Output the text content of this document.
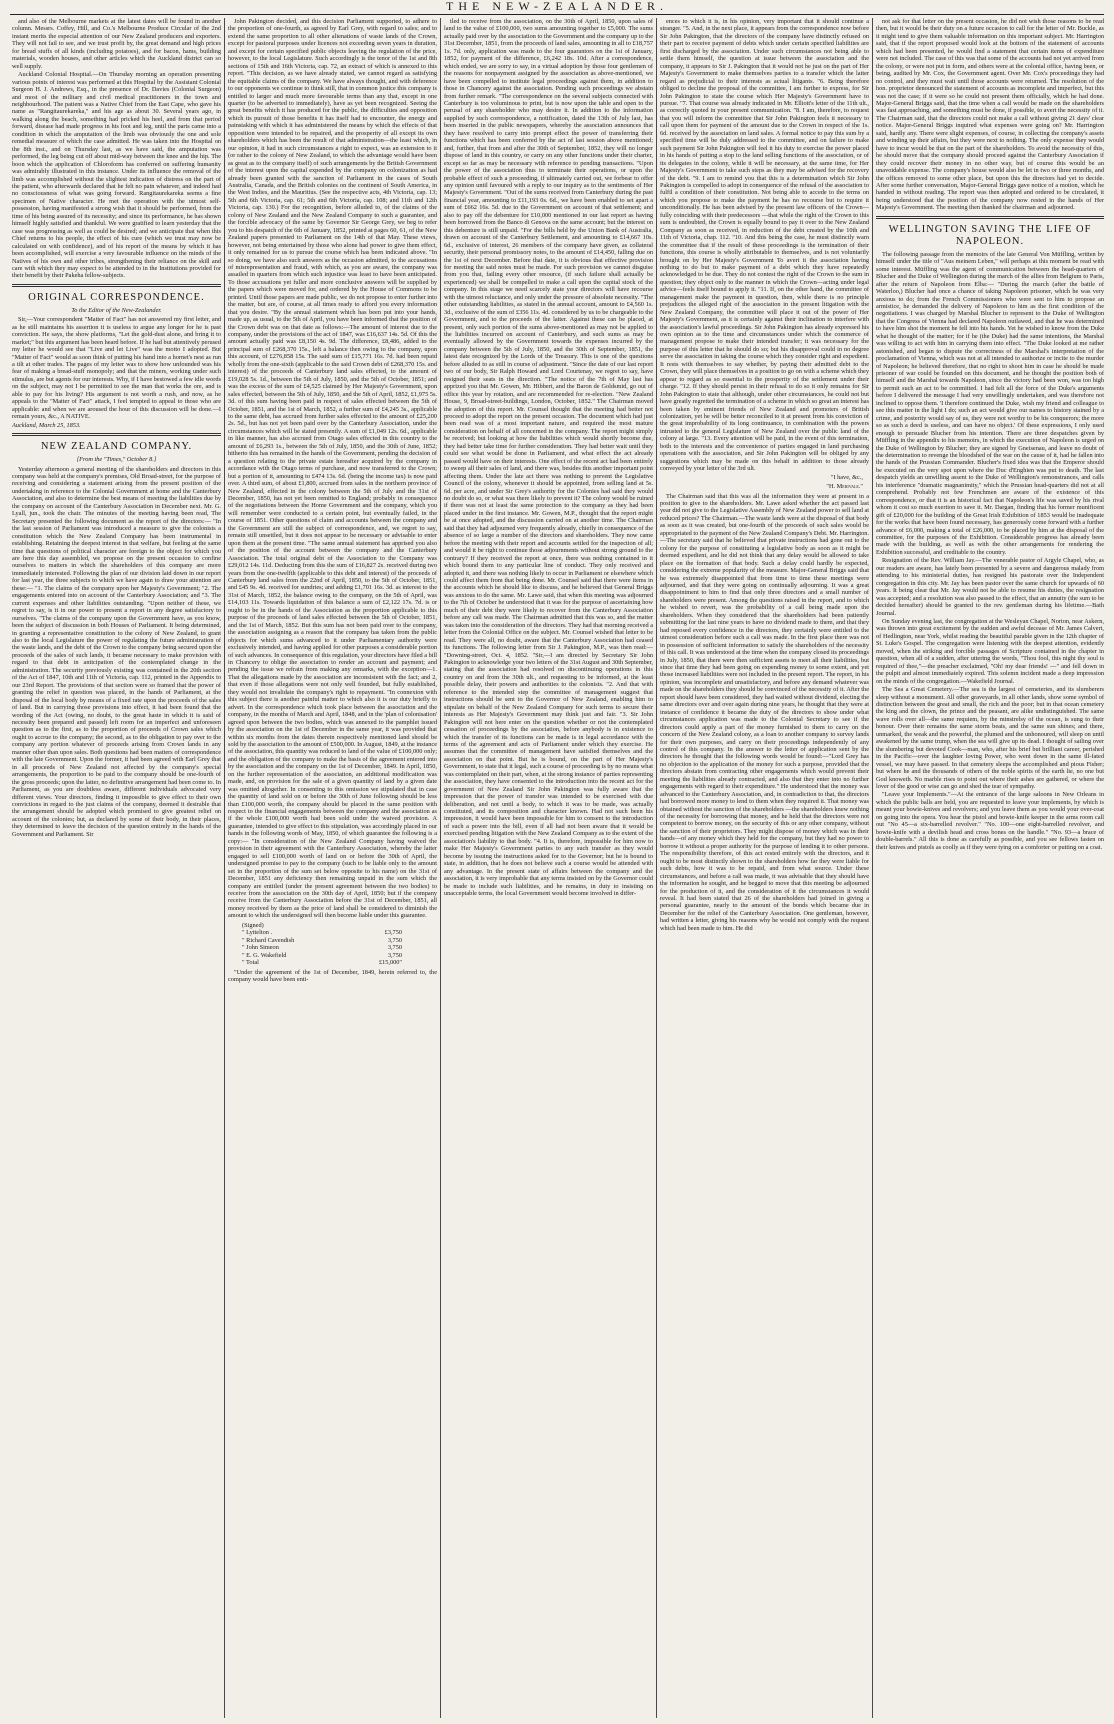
THE NEW-ZEALANDER.

and also of the Melbourne markets at the latest dates will be found in another column. Messrs. Coffey, Hill, and Co.'s Melbourne Produce Circular of the 2nd instant merits the especial attention of our New Zealand producers and exporters. They will not fail to see, and we trust profit by, the great demand and high prices for bread stuffs of all kinds (including potatoes), and for bacon, hams, building materials, wooden houses, and other articles which the Auckland district can so well supply.

Auckland Colonial Hospital.—On Thursday morning an operation presenting various points of interest was performed at this Hospital by the Assistant Colonial Surgeon H. J. Andrews, Esq., in the presence of Dr. Davies (Colonial Surgeon) and most of the military and civil medical practitioners in the town and neighbourhood. The patient was a Native Chief from the East Cape, who gave his name as "Rangitaurekareka," and his age as about 30. Several years ago, in walking along the beach, something had pricked his heel, and from that period forward, disease had made progress in his foot and leg, until the parts came into a condition in which the amputation of the limb was obviously the one and sole remedial measure of which the case admitted. He was taken into the Hospital on the 8th inst., and on Thursday last, as we have said, the amputation was performed, the leg being cut off about mid-way between the knee and the hip. The boon which the application of Chloroform has conferred on suffering humanity was admirably illustrated in this instance. Under its influence the removal of the limb was accomplished without the slightest indication of distress on the part of the patient, who afterwards declared that he felt no pain whatever, and indeed had no consciousness of what was going forward. Rangitaurekareka seems a fine specimen of Native character. He met the operation with the utmost self-possession, having manifested a strong wish that it should be performed, from the time of his being assured of its necessity; and since its performance, he has shown himself highly satisfied and thankful. We were gratified to learn yesterday that the case was progressing as well as could be desired; and we anticipate that when this Chief returns to his people, the effect of his cure (which we trust may now be calculated on with confidence), and of his report of the means by which it has been accomplished, will exercise a very favourable influence on the minds of the Natives of his own and other tribes, strengthening their reliance on the skill and care with which they may expect to be attended to in the Institutions provided for their benefit by their Pakeha fellow-subjects.

ORIGINAL CORRESPONDENCE.
To the Editor of the New-Zealander.

Sir,—Your correspondent "Matter of Fact" has not answered my first letter, and as he still maintains his assertion it is useless to argue any longer for he is past conviction. He says, the show platforms, "Let the gold-dust alone, and bring it to market;" but this argument has been heard before. If he had but attentively perused my letter he would see that "Live and let Live" was the motto I adopted. But "Matter of Fact" would as soon think of putting his hand into a hornet's nest as run a tilt at other trades. The pages of my letter was to show how unfounded was his fear of making a bread-stuff monopoly; and that the miners, working under such stimulus, are but agents for our interests. Why, if I have bestowed a few idle words on the subject, may not I be permitted to see the man that works the ore, and is able to pay for his living? His argument is not worth a rush, and now, as he appeals to the "Matter of Fact" attack, I feel tempted to appeal to those who are applicable: and when we are aroused the hour of this discussion will be done.—I remain yours, &c., A NATIVE.

Auckland, March 25, 1853.
NEW ZEALAND COMPANY.
[From the "Times," October 8.]

Yesterday afternoon a general meeting of the shareholders and directors in this company was held at the company's premises, Old Broad-street, for the purpose of receiving and considering a statement arising from the present position of the undertaking in reference to the Colonial Government at home and the Canterbury Association, and also to determine the best means of meeting the liabilities due by the company on account of the Canterbury Association in December next. Mr. G. Lyall, jun., took the chair. The minutes of the meeting having been read, The Secretary presented the following document as the report of the directors:— "In the last session of Parliament was introduced a measure to give the colonists a constitution which the New Zealand Company has been instrumental in establishing. Retaining the deepest interest in that welfare, but feeling at the same time that questions of political character are foreign to the object for which you are here this day assembled, we propose on the present occasion to confine ourselves to matters in which the shareholders of this company are more immediately interested. Following the plan of our division laid down in our report for last year, the three subjects to which we have again to draw your attention are these:— "1. The claims of the company upon her Majesty's Government; "2. The engagements entered into on account of the Canterbury Association; and "3. The current expenses and other liabilities outstanding. "Upon neither of these, we regret to say, is it in our power to present a report in any degree satisfactory to ourselves. "The claims of the company upon the Government have, as you know, been the subject of discussion in both Houses of Parliament. It being determined, in granting a representative constitution to the colony of New Zealand, to grant also to the local Legislature the power of regulating the future administration of the waste lands, and the debt of the Crown to the company being secured upon the proceeds of the sales of such lands, it became necessary to make provision with regard to that debt in anticipation of the contemplated change in the administration. The security previously existing was contained in the 20th section of the Act of 1847, 10th and 11th of Victoria, cap. 112, printed in the Appendix to our 23rd Report. The provisions of that section were so framed that the power of granting the relief in question was placed, in the hands of Parliament, at the disposal of the local body by means of a fixed rate upon the proceeds of the sales of land. But in carrying those provisions into effect, it had been found that the wording of the Act (owing, no doubt, to the great haste in which it is said of necessity been prepared and passed) left room for an imperfect and unforeseen question as to the first, as to the proportion of proceeds of Crown sales which ought to accrue to the company; the second, as to the obligation to pay over to the company any portion whatever of proceeds arising from Crown lands in any manner other than upon sales. Both questions had been matters of correspondence with the late Government. Upon the former, it had been agreed with Earl Grey that in all proceeds of New Zealand not affected by the company's special arrangements, the proportion to be paid to the company should be one-fourth of the gross proceeds; upon the latter, no definitive arrangement had been come to. In Parliament, as you are doubtless aware, different individuals advocated very different views. Your directors, finding it impossible to give effect to their own convictions in regard to the just claims of the company, deemed it desirable that the arrangement should be adopted which promised to give greatest relief on account of the colonies; but, as declared by some of their body, in their places, they determined to leave the decision of the question entirely in the hands of the Government and Parliament. Sir

John Pakington decided, and this decision Parliament supported, to adhere to the proportion of one-fourth, as agreed by Earl Grey, with regard to sales; and to extend the same proportion to all other alienations of waste lands of the Crown, except for pastoral purposes under licences not exceeding seven years in duration, and except for certain specified public objects leaving the regulation of the price, however, to the local Legislature. Such accordingly is the tenor of the 1st and 8th sections of 15th and 16th Victoria, cap. 72, an extract of which is annexed to this report. "This decision, as we have already stated, we cannot regard as satisfying the equitable claims of the company. We have always thought, and with deference to our opponents we continue to think still, that in common justice this company is entitled to larger and much more favourable terms than any that, except in one quarter (to be adverted to immediately), have as yet been recognized. Seeing the great benefits which it has produced for the public, the difficulties and opposition which its pursuit of those benefits it has itself had to encounter, the energy and painstaking with which it has administered the means by which the effects of that opposition were intended to be repaired, and the prosperity of all except its own shareholders which has been the result of that administration—the least which, in our opinion, it had in such circumstances a right to expect, was an extension to it (or rather to the colony of New Zealand, to which the advantage would have been as great as to the company itself) of such arrangements by the British Government of the interest upon the capital expended by the company on colonization as had already been granted with the sanction of Parliament in the cases of South Australia, Canada, and the British colonies on the continent of South America, in the West Indies, and the Mauritius. (See the respective acts, 4th Victoria, cap. 13; 5th and 6th Victoria, cap. 61; 5th and 6th Victoria, cap. 108; and 11th and 12th Victoria, cap. 130.) For the recognition, before alluded to, of the claims of the colony of New Zealand and the New Zealand Company to such a guarantee, and the forcible advocacy of the same by Governor Sir George Grey, we beg to refer you to his despatch of the 6th of January, 1852, printed at pages 60, 61, of the New Zealand papers presented to Parliament on the 14th of that May. These views, however, not being entertained by those who alone had power to give them effect, it only remained for us to pursue the course which has been indicated above. "In so doing, we have also such answers as the occasion admitted, to the accusations of misrepresentation and fraud, with which, as you are aware, the company was assailed in quarters from which such injustice was least to have been anticipated. To those accusations yet fuller and more conclusive answers will be supplied by the papers which were moved for, and ordered by the House of Commons to be printed. Until those papers are made public, we do not propose to enter further into the matter, but are, of course, at all times ready to afford you every information that you desire. "By the annual statement which has been put into your hands, made up, as usual, to the 5th of April, you have been informed that the position of the Crown debt was on that date as follows:—The amount of interest due to the company, under the provisions of the act of 1847, was £16,637 14s. 5d. Of this the amount actually paid was £8,150 4s. 9d. The difference, £8,486, added to the principal sum of £268,370 15s., left a balance then owing to the company, upon this account, of £276,858 15s. The said sum of £15,771 16s. 7d. had been repaid wholly from the one-sixth (applicable to the said Crown debt of £268,370 15s. and interest) of the proceeds of Canterbury land sales effected, to the amount of £19,028 5s. 1d., between the 5th of July, 1850, and the 5th of October, 1851; and was the excess of the sum of £4,525 claimed by Her Majesty's Government, upon sales effected, between the 5th of July, 1850, and the 5th of April, 1852, £1,975 5s. 3d. of this sum having been paid in respect of sales effected between the 5th of October, 1851, and the 1st of March, 1852, a further sum of £4,245 3s., applicable to the same debt, has accrued from further sales effected to the amount of £25,200 2s. 5d., but has not yet been paid over by the Canterbury Association, under the circumstances which will be stated presently. A sum of £1,049 12s. 6d., applicable in like manner, has also accrued from Otago sales effected in this country to the amount of £6,293 1s., between the 5th of July, 1850, and the 30th of June, 1852; hitherto this has remained in the hands of the Government, pending the decision of a question relating to the private estate hereafter acquired by the company in accordance with the Otago terms of purchase, and now transferred to the Crown; but a portion of it, amounting to £474 13s. 6d. (being the income tax) is now paid over. A third sum, of about £1,800, accrued from sales in the northern province of New Zealand, effected in the colony between the 5th of July and the 31st of December, 1850, has not yet been remitted to England; probably in consequence of the negotiations between the Home Government and the company, which you will remember were conducted to a certain point, but eventually failed, in the course of 1851. Other questions of claim and accounts between the company and the Government are still the subject of correspondence, and, we regret to say, remain still unsettled, but it does not appear to be necessary or advisable to enter upon them at the present time. "The same annual statement has apprised you also of the position of the account between the company and the Canterbury Association. The total original debt of the Association to the Company was £29,012 14s. 11d. Deducting from this the sum of £16,827 2s. received during two years from the one-twelfth (applicable to this debt and interest) of the proceeds of Canterbury land sales from the 22nd of April, 1850, to the 5th of October, 1851, and £45 9s. 4d. received for sundries; and adding £1,701 16s. 3d. as interest to the 31st of March, 1852, the balance owing to the company, on the 5th of April, was £14,103 11s. Towards liquidation of this balance a sum of £2,122 17s. 7d. is or ought to be in the hands of the Association as the proportion applicable to this purpose of the proceeds of land sales effected between the 5th of October, 1851, and the 1st of March, 1852. But this sum has not been paid over to the company, the association assigning as a reason that the company has taken from the public objects for which sums advanced to it under Parliamentary authority were exclusively intended, and having applied for other purposes a considerable portion of such advances. In consequence of this regulation, your directors have filed a bill in Chancery to oblige the association to render an account and payment; and pending the issue we refrain from making any remarks, with the exception—1. That the allegations made by the association are inconsistent with the fact; and 2, that even if those allegations were not only well founded, but fully established, they would not invalidate the company's right to repayment. "In connexion with this subject there is another painful matter to which also it is our duty briefly to advert. In the correspondence which took place between the association and the company, in the months of March and April, 1848, and in the 'plan of colonisation' agreed upon between the two bodies, which was annexed to the pamphlet issued by the association on the 1st of December in the same year, it was provided that within six months from the dates therein respectively mentioned land should be sold by the association to the amount of £500,000. In August, 1849, at the instance of the association, this quantity was reduced to land of the value of £100,000 only; and the obligation of the company to make the basis of the agreement entered into by the association and the company on the 1st of December, 1849. In April, 1850, on the further representation of the association, an additional modification was made, and, on provision for the sale of a given quantity of land by a given date was omitted altogether. In consenting to this omission we stipulated that in case the quantity of land sold on or before the 30th of June following should be less than £100,000 worth, the company should be placed in the same position with respect to the financial engagements between the company and the association as if the whole £100,000 worth had been sold under the waived provision. A guarantee, intended to give effect to this stipulation, was accordingly placed in our hands in the following words of May, 1850, of which guarantee the following is a copy:— "In consideration of the New Zealand Company having waived the provision in their agreement with the Canterbury Association, whereby the latter engaged to sell £100,000 worth of land on or before the 30th of April, the undersigned promise to pay to the company (such to be liable only to the amount set in the proportion of the sum set below opposite to his name) on the 31st of December, 1851 any deficiency then remaining unpaid in the sum which the company are entitled (under the present agreement between the two bodies) to receive from the association on the 30th day of April, 1850; but if the company receive from the Canterbury Association before the 31st of December, 1851, all money received by them as the price of land shall be considered to diminish the amount to which the undersigned will then become liable under this guarantee.

(Signed)
" Lyttelton .	£3,750
" Richard Cavendish	3,750
" John Simeon	3,750
" E. G. Wakefield	3,750
" Total	£15,000"

"Under the agreement of the 1st of December, 1849, herein referred to, the company would have been enti-

tled to receive from the association, on the 30th of April, 1850, upon sales of land to the value of £100,000, two sums amounting together to £5,000. The sums actually paid over by the association to the Government and the company up to the 31st December, 1851, from the proceeds of land sales, amounting in all to £18,757 1s. 7d. only, application was made to the four guarantors on the 1st of January, 1852, for payment of the difference, £6,242 18s. 10d. After a correspondence, which ended, we are sorry to say, in a virtual adoption by those four gentlemen of the reasons for nonpayment assigned by the association as above-mentioned, we have been compelled to institute legal proceedings against them, in addition to those in Chancery against the association. Pending such proceedings we abstain from further remark. "The correspondence on the several subjects connected with Canterbury is too voluminous to print, but is now upon the table and open to the perusal of any shareholder who may desire it. In addition to the information supplied by such correspondence, a notification, dated the 13th of July last, has been inserted in the public newspapers, whereby the association announces that they have resolved to carry into prompt effect the power of transferring their functions which has been conferred by the act of last session above mentioned; and, further, that from and after the 30th of September, 1852, they will no longer dispose of land in this country, or carry on any other functions under their charter, except so far as may be necessary with reference to pending transactions. "Upon the power of the association thus to terminate their operations, or upon the probable effect of such a proceeding, if ultimately carried out, we forbear to offer any opinion until favoured with a reply to our inquiry as to the sentiments of Her Majesty's Government. "Out of the sums received from Canterbury during the past financial year, amounting to £11,193 0s. 6d., we have been enabled to set apart a sum of £662 16s. 5d. due to the Government on account of that settlement; and also to pay off the debenture for £10,000 mentioned in our last report as having been borrowed from the Banco di Genova on the same account; but the interest on this debenture is still unpaid. "For the bills held by the Union Bank of Australia, drawn on account of the Canterbury Settlement, and amounting to £14,667 10s. 6d., exclusive of interest, 26 members of the company have given, as collateral security, their personal promissory notes, to the amount of £14,450, falling due on the 1st of next December. Before that date, it is obvious that effective provision for meeting the said notes must be made. For such provision we cannot disguise from you that, failing every other resource, (if such failure shall actually be experienced) we shall be compelled to make a call upon the capital stock of the company. In this stage we need scarcely state your directors will have recourse with the utmost reluctance, and only under the pressure of absolute necessity. "The other outstanding liabilities, as stated in the annual account, amount to £4,560 1s. 3d., exclusive of the sum of £356 11s. 4d. considered by us to be chargeable to the Government, and to the proceeds of the latter. Against these can be placed, at present, only such portion of the sums above-mentioned as may not be applied to the liabilities incurred on account of Canterbury, and such sums as may be eventually allowed by the Government towards the expenses incurred by the company between the 5th of July, 1850, and the 30th of September, 1851, the latest date recognized by the Lords of the Treasury. This is one of the questions before alluded to as still in course of adjustment. "Since the date of our last report two of our body, Sir Ralph Howard and Lord Courtenay, we regret to say, have resigned their seats in the direction. "The notice of the 7th of May last has apprized you that Mr. Gowen, Mr. Hibbert, and the Baron de Goldsmid, go out of office this year by rotation, and are recommended for re-election. "New Zealand House, 9, Broad-street-buildings, London, October, 1852." The Chairman moved the adoption of this report. Mr. Counsel thought that the meeting had better not proceed to adopt the report on the present occasion. The document which had just been read was of a most important nature, and required the most mature consideration on behalf of all concerned in the company. The report might simply be received; but looking at how the liabilities which would shortly become due, they had better take time for further consideration. They had better wait until they could see what would be done in Parliament, and what effect the act already passed would have on their interests. One effect of the recent act had been entirely to sweep all their sales of land, and there was, besides this another important point affecting them. Under the late act there was nothing to prevent the Legislative Council of the colony, whenever it should be appointed, from selling land at 5s. 6d. per acre, and under Sir Grey's authority for the Colonies had said they would no doubt do so, or what was there likely to prevent it? The colony would be ruined if there was not at least the same protection to the company as they had been placed under in the first instance. Mr. Gowen, M.P., thought that the report might be at once adopted, and the discussion carried on at another time. The Chairman said that they had adjourned very frequently already, chiefly in consequence of the absence of so large a number of the directors and shareholders. They now came before the meeting with their report and accounts settled for the inspection of all; and would it be right to continue those adjournments without strong ground to the contrary? If they received the report at once, there was nothing contained in it which bound them to any particular line of conduct. They only received and adopted it, and there was nothing likely to occur in Parliament or elsewhere which could affect them from that being done. Mr. Counsel said that there were items in the accounts which he should like to discuss, and he believed that General Briggs was anxious to do the same. Mr. Lawe said, that when this meeting was adjourned to the 7th of October he understood that it was for the purpose of ascertaining how much of their debt they were likely to recover from the Canterbury Association before any call was made. The Chairman admitted that this was so, and the matter was taken into the consideration of the directors. They had that morning received a letter from the Colonial Office on the subject. Mr. Counsel wished that letter to be read. They were all, no doubt, aware that the Canterbury Association had ceased its functions. The following letter from Sir J. Pakington, M.P., was then read:— "Downing-street, Oct. 4, 1852. "Sir,—I am directed by Secretary Sir John Pakington to acknowledge your two letters of the 31st August and 30th September, stating that the association had resolved on discontinuing operations in this country on and from the 30th ult., and requesting to be informed, at the least possible delay, their powers and authorities to the colonists. "2. And that with reference to the intended step the committee of management suggest that instructions should be sent to the Governor of New Zealand, enabling him to stipulate on behalf of the New Zealand Company for such terms to secure their interests as Her Majesty's Government may think just and fair. "3. Sir John Pakington will not here enter on the question whether or not the contemplated cessation of proceedings by the association, before anybody is in existence to which the transfer of its functions can be made is in legal accordance with the terms of the agreement and acts of Parliament under which they exercise. He assumes that the committee of management have satisfied themselves and the association on that point. But he is bound, on the part of Her Majesty's Government, to state that it legal, such a course of proceeding is by no means what was contemplated on their part, when, at the strong instance of parties representing the association, they have consented to the introduction into the recent act for the government of New Zealand Sir John Pakington was fully aware that the impression that the power of transfer was intended to be exercised with due deliberation, and not until a body, to which it was to be made, was actually constituted, and its composition and character known. Had not such been his impression, it would have been impossible for him to consent to the introduction of such a power into the bill, even if all had not been aware that it would be exercised pending litigation with the New Zealand Company as to the extent of the association's liability to that body. "4. It is, therefore, impossible for him now to make Her Majesty's Government parties to any such transfer as they would become by issuing the instructions asked for to the Governor; but he is bound to state, in addition, that he does not believe such a course would be attended with any advantage. In the present state of affairs between the company and the association, it is very improbable that any terms insisted on by the Governor could be made to include such liabilities, and he remains, in duty to insisting on unacceptable terms, the local Government would become involved in differ-

ences to which it is, in his opinion, very important that it should continue a stranger. "5. And, in the next place, it appears from the correspondence now before Sir John Pakington, that the directors of the company have distinctly refused on their part to receive payment of debts which under certain specified liabilities are first discharged by the association. Under such circumstances not being able to settle them himself, the question at issue between the association and the company, it appears to Sir J. Pakington that it would not be just on the part of Her Majesty's Government to make themselves parties to a transfer which the latter regard as prejudicial to their interests as actual litigants. "6. Being therefore obliged to decline the proposal of the committee, I am further to express, for Sir John Pakington to state the course which Her Majesty's Government have to pursue. "7. That course was already indicated in Mr. Elliott's letter of the 11th ult., as correctly quoted in your present communication. "8. I am, therefore, to request that you will inform the committee that Sir John Pakington feels it necessary to call upon them for payment of the amount due to the Crown in respect of the 1s. 6d. received by the association on land sales. A formal notice to pay this sum by a specified time will be duly addressed to the committee, and on failure to make such payment Sir John Pakington will feel it his duty to exercise the power placed in his hands of putting a stop to the land selling functions of the association, or of its delegates in the colony, while it will be necessary, at the same time, for Her Majesty's Government to take such steps as they may be advised for the recovery of the debt. "9. I am to remind you that this is a determination which Sir John Pakington is compelled to adopt in consequence of the refusal of the association to fulfil a condition of their constitution. Not being able to accede to the terms on which you propose to make the payment he has no recourse but to require it unconditionally. He has been advised by the present law officers of the Crown—fully coinciding with their predecessors —that while the right of the Crown to this sum is undoubted, the Crown is equally bound to pay it over to the New Zealand Company as soon as received, in reduction of the debt created by the 10th and 11th of Victoria, chap. 112. "10. And this being the case, he must distinctly warn the committee that if the result of these proceedings is the termination of their functions, this course is wholly attributable to themselves, and is not voluntarily brought on by Her Majesty's Government To avert it the association having nothing to do but to make payment of a debt which they have repeatedly acknowledged to be due. They do not contest the right of the Crown to the sum in question; they object only to the manner in which the Crown—acting under legal advice—feels itself bound to apply it. "11. If, on the other hand, the committee of management make the payment in question, then, while there is no principle prejudices the alleged right of the association in the present litigation with the New Zealand Company, the committee will place it out of the power of Her Majesty's Government, as it is certainly against their inclination to interfere with the association's lawful proceedings. Sir John Pakington has already expressed his own opinion as to the time and circumstances under which the commerce of management propose to make their intended transfer; it was necessary for the purpose of this letter that he should do so; but his disapproval could in no degree serve the association in taking the course which they consider right and expedient. It rests with themselves to say whether, by paying their admitted debt to the Crown, they will place themselves in a position to go on with a scheme which they appear to regard as so essential to the prosperity of the settlement under their charge. "12. If they should persist in their refusal to do so it only remains for Sir John Pakington to state that although, under other circumstances, he could not but have greatly regretted the termination of a scheme in which so great an interest has been taken by eminent friends of New Zealand and promoters of British colonization, yet he will be better reconciled to it at present from his conviction of the great improbability of its long continuance, in combination with the powers intrusted to the general Legislature of New Zealand over the public land of the colony at large. "13. Every attention will be paid, in the event of this termination, both to the interests and the convenience of parties engaged in land purchasing operations with the association, and Sir John Pakington will be obliged by any suggestions which may be made on this behalf in addition to those already conveyed by your letter of the 3rd ult.

"I have, &c.,
"H. Merivale."

The Chairman said that this was all the information they were at present in a position to give to the shareholders. Mr. Lawe asked whether the act passed last year did not give to the Legislative Assembly of New Zealand power to sell land at reduced prices? The Chairman.—The waste lands were at the disposal of that body as soon as it was created, but one-fourth of the proceeds of such sales would be appropriated to the payment of the New Zealand Company's Debt. Mr. Harrington.—The secretary said that he believed that private instructions had gone out to the colony for the purpose of constituting a legislative body as soon as it might be deemed expedient, and he did not think that any delay would be allowed to take place on the formation of that body. Such a delay could hardly be expected, considering the extreme popularity of the measure. Major-General Briggs said that he was extremely disappointed that from time to time these meetings were adjourned, and that they were going on continually adjourning. It was a great disappointment to him to find that only three directors and a small number of shareholders were present. Among the questions raised in the report, and to which he wished to revert, was the probability of a call being made upon the shareholders. When they considered that the shareholders had been patiently submitting for the last nine years to have no dividend made to them, and that they had reposed every confidence in the directors, they certainly were entitled to the utmost consideration before such a call was made. In the first place there was not in possession of sufficient information to satisfy the shareholders of the necessity of this call. It was understood at the time when the company closed its proceedings in July, 1850, that there were then sufficient assets to meet all their liabilities, but since that time they had been going on expending money to some extent, and yet those increased liabilities were not included in the present report. The report, in his opinion, was incomplete and unsatisfactory, and before any demand whatever was made on the shareholders they should be convinced of the necessity of it. After the report should have been considered, they had waited without dividend, electing the same directors over and over again during nine years, he thought that they were at instance of confidence it became the duty of the directors to show under what circumstances application was made to the Colonial Secretary to see if the directors could apply a part of the money furnished to them to carry on the concern of the New Zealand colony, as a loan to another company to survey lands for their own purposes, and carry on their proceedings independently of any control of this company. In the answer to the letter of application sent by the directors he thought that the following words would be found:—"Lord Grey has no objection to the application of the money for such a purpose, provided that the directors abstain from contracting other engagements which would prevent their meeting the liabilities already contracted, and also that they enter into no further engagements with regard to their expenditure." He understood that the money was advanced to the Canterbury Association, and, in contradiction to that, the directors had borrowed more money to lend to them when they required it. That money was obtained without the sanction of the shareholders —the shareholders knew nothing of the necessity for borrowing that money, and he held that the directors were not competent to borrow money, on the security of this or any other company, without the sanction of their proprietors. They might dispose of money which was in their hands—of any money which they held for the company, but they had no power to borrow it without a proper authority for the purpose of lending it to other persons. The responsibility therefore, of this act rested entirely with the directors, and it ought to be most distinctly shown to the shareholders how far they were liable for such debts, how it was to be repaid, and from what source. Under these circumstances, and before a call was made, it was advisable that they should have the information he sought, and he begged to move that this meeting be adjourned for the production of it, and the consideration of it the circumstances it would reveal. It had been stated that 26 of the shareholders had joined in giving a personal guarantee, nearly to the amount of the bonds which became due in December for the relief of the Canterbury Association. One gentleman, however, had written a letter, giving his reasons why he would not comply with the request which had been made to him. He did

not ask for that letter on the present occasion, he did not wish those reasons to be read then, but it would be their duty on a future occasion to call for the letter of Mr. Buckle, as it might tend to give them valuable information on this important subject. Mr. Harrington said, that if the report proposed would look at the bottom of the statement of accounts which had been presented, he would find a statement that certain items of expenditure were not included. The case of this was that some of the accounts had not yet arrived from the colony, or were not put in form, and others were at the colonial office, having been, or being, audited by Mr. Cox, the Government agent. Over Mr. Cox's proceedings they had no control, and they must wait until those accounts were returned. The resolution of the hon. proprietor denounced the statement of accounts as incomplete and imperfect, but this was not the case; if it were so he could not present them officially, which he had done. Major-General Briggs said, that the time when a call would be made on the shareholders was fast approaching, and something must be done, if possible, to avert the necessity of it. The Chairman said, that the directors could not make a call without giving 21 days' clear notice. Major-General Briggs inquired what expenses were going on? Mr. Harrington said, hardly any. There were slight expenses, of course, in collecting the company's assets and winding up their affairs, but they were next to nothing. The only expense they would have to incur would be that on the part of the shareholders. To avoid the necessity of this, he should move that the company should proceed against the Canterbury Association if they could recover their money in no other way, but of course this would be an unavoidable expense. The company's house would also be let in two or three months, and the offices removed to some other place, but upon this the directors had yet to decide. After some further conversation, Major-General Briggs gave notice of a motion, which he handed in without reading. The report was then adopted and ordered to be circulated, it being understood that the position of the company now rested in the hands of Her Majesty's Government. The meeting then thanked the chairman and adjourned.

WELLINGTON SAVING THE LIFE OF NAPOLEON.

The following passage from the memoirs of the late General Von Müffling, written by himself under the title of "Aus meinem Leben," will perhaps at this moment be read with some interest. Müffling was the agent of communication between the head-quarters of Blucher and the Duke of Wellington during the march of the allies from Belgium to Paris, after the return of Napoleon from Elba:— "During the march (after the battle of Waterloo,) Blucher had once a chance of taking Napoleon prisoner, which he was very anxious to do; from the French Commissioners who were sent to him to propose an armistice, he demanded the delivery of Napoleon to him as the first condition of the negotiations. I was charged by Marshal Blucher to represent to the Duke of Wellington that the Congress of Vienna had declared Napoleon outlawed, and that he was determined to have him shot the moment he fell into his hands. Yet he wished to know from the Duke what he thought of the matter; for if he (the Duke) had the same intentions, the Marshal was willing to act with him in carrying them into effect. "The Duke looked at me rather astonished, and began to dispute the correctness of the Marshal's interpretation of the proclamation of Vienna, which was not at all intended to authorize or incite to the murder of Napoleon; he believed therefore, that no right to shoot him in case he should be made prisoner of war could be founded on this document, and he thought the position both of himself and the Marshal towards Napoleon, since the victory had been won, was too high to permit such an act to be committed. I had felt all the force of the Duke's arguments before I delivered the message I had very unwillingly undertaken, and was therefore not inclined to oppose them. 'I therefore continued the Duke, wish my friend and colleague to see this matter in the light I do; such an act would give our names to history stained by a crime, and posterity would say of us, they were not worthy to be his conquerors; the more so as such a deed is useless, and can have no object.' Of these expressions, I only used enough to persuade Blucher from his intention. There are three despatches given by Müffling in the appendix to his memoirs, in which the execution of Napoleon is urged on the Duke of Wellington by Blucher; they are signed by Gneisenau, and leave no doubt of the determination to revenge the bloodshed of the war on the cause of it, had he fallen into the hands of the Prussian Commander. Blucher's fixed idea was that the Emperor should be executed on the very spot upon where the Duc d'Enghien was put to death. The last despatch yields an unwilling assent to the Duke of Wellington's remonstrances, and calls his interference "dramatic magnanimity," which the Prussian head-quarters did not at all comprehend. Probably not few Frenchmen are aware of the existence of this correspondence, or that it is an historical fact that Napoleon's life was saved by his rival whom it cost so much exertion to save it. Mr. Dargan, finding that his former munificent gift of £20,000 for the building of the Great Irish Exhibition of 1853 would be inadequate for the works that have been found necessary, has generously come forward with a further advance of £6,000, making a total of £26,000, to be placed by him at the disposal of the committee, for the purposes of the Exhibition. Considerable progress has already been made with the building, as well as with the other arrangements for rendering the Exhibition successful, and creditable to the country.

Resignation of the Rev. William Jay.—The venerable pastor of Argyle Chapel, who, as our readers are aware, has lately been presented by a severe and dangerous malady from attending to his ministerial duties, has resigned his pastorate over the Independent congregation in this city. Mr. Jay has been pastor over the same church for upwards of 60 years. It being clear that Mr. Jay would not be able to resume his duties, the resignation was accepted; and a resolution was also passed to the effect, that an annuity (the sum to be decided hereafter) should be granted to the rev. gentleman during his lifetime.—Bath Journal.

On Sunday evening last, the congregation at the Wesleyan Chapel, Norton, near Askern, was thrown into great excitement by the sudden and awful decease of Mr. James Calvert, of Hedlington, near York, whilst reading the beautiful parable given in the 12th chapter of St. Luke's Gospel. The congregation were listening with the deepest attention, evidently moved, when the striking and forcible passages of Scripture contained in the chapter in question, when all of a sudden, after uttering the words, "Thou fool, this night thy soul is required of thee,"—the preacher exclaimed, "Oh! my dear friends! —" and fell down in the pulpit and almost immediately expired. This solemn incident made a deep impression on the minds of the congregation.—Wakefield Journal.

The Sea a Great Cemetery.—The sea is the largest of cemeteries, and its slumberers sleep without a monument. All other graveyards, in all other lands, show some symbol of distinction between the great and small, the rich and the poor; but in that ocean cemetery the king and the clown, the prince and the peasant, are alike undistinguished. The same wave rolls over all—the same requiem, by the minstrelsy of the ocean, is sung to their honour. Over their remains the same storm beats, and the same sun shines; and there, unmarked, the weak and the powerful, the plumed and the unhonoured, will sleep on until awakened by the same trump, when the sea will give up its dead. I thought of sailing over the slumbering but devoted Cook—man, who, after his brief but brilliant career, perished in the Pacific—over the laughter loving Power, who went down in the same ill-fated vessel, we may have passed. In that cemetery sleeps the accomplished and pious Fisher; but where he and the thousands of others of the noble spirits of the earth lie, no one but God knoweth. No marble rises to point out where their ashes are gathered, or where the lover of the good or wise can go and shed the tear of sympathy.

"Leave your Implements."—At the entrance of the large saloons in New Orleans in which the public balls are held, you are requested to leave your implements, by which is meant your bowie-knives and revolvers; and you leave them as you would your over-coat on going into the opera. You hear the pistol and bowie-knife keeper in the arms room call out "No 45—a six-barrelled revolver." "No. 100—one eight-barrelled revolver, and bowie-knife with a devilish head and cross bones on the handle." "No. 93—a brace of double-barrels." All this is done as carefully as possible, and you see fellows fasten on their knives and pistols as coolly as if they were tying on a comforter or putting on a coat.
